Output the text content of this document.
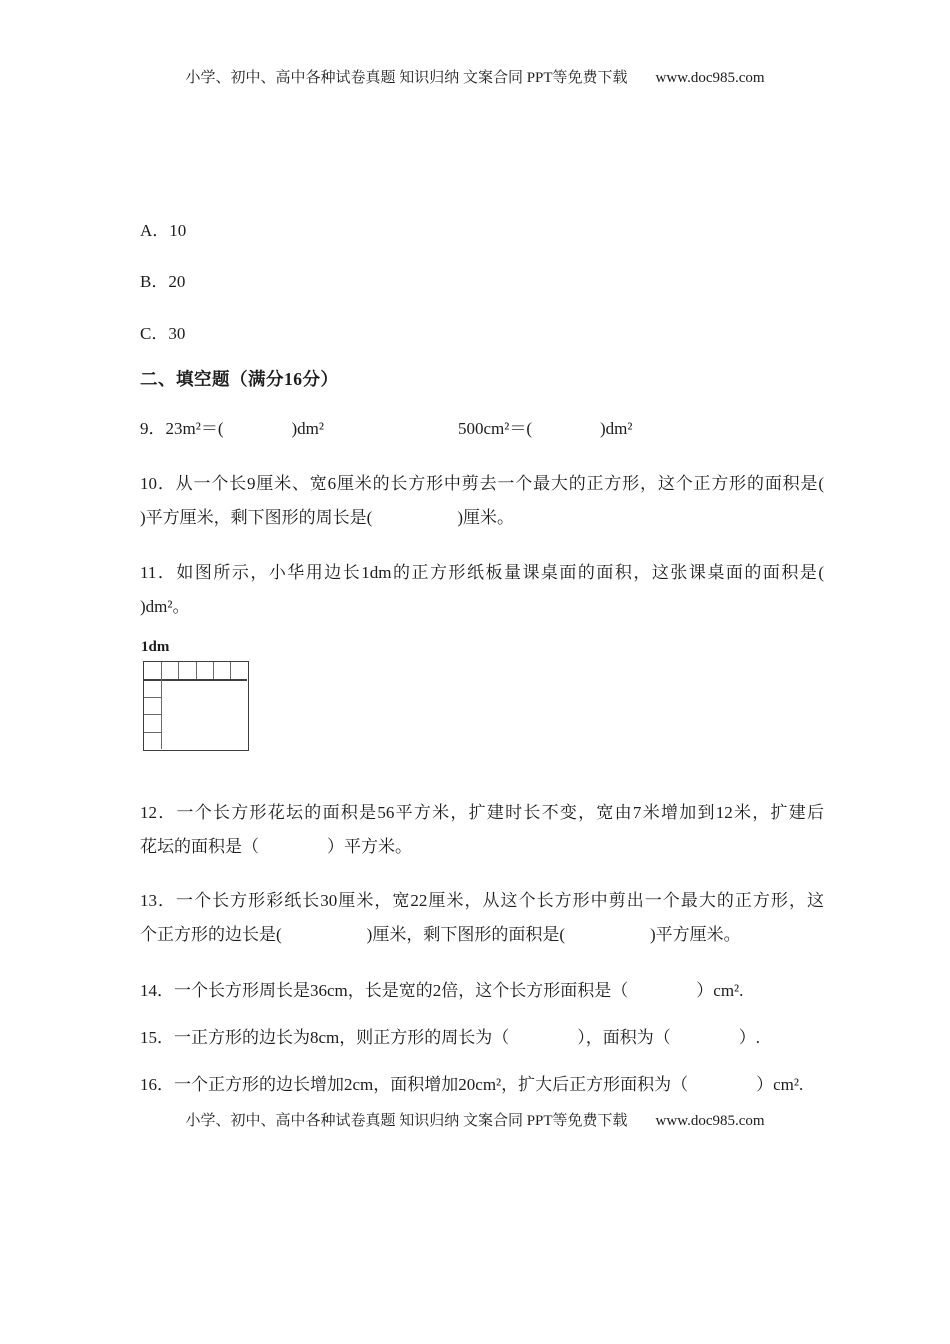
小学、初中、高中各种试卷真题 知识归纳 文案合同 PPT等免费下载 www.doc985.com
A．10
B．20
C．30
二、填空题（满分16分）
9．23m²＝(　　　　)dm²	500cm²＝(　　　　)dm²
10．从一个长9厘米、宽6厘米的长方形中剪去一个最大的正方形，这个正方形的面积是(
)平方厘米，剩下图形的周长是(　　　　　)厘米。
11．如图所示，小华用边长1dm的正方形纸板量课桌面的面积，这张课桌面的面积是(
)dm²。
1dm
12．一个长方形花坛的面积是56平方米，扩建时长不变，宽由7米增加到12米，扩建后
花坛的面积是（　　　　）平方米。
13．一个长方形彩纸长30厘米，宽22厘米，从这个长方形中剪出一个最大的正方形，这
个正方形的边长是(　　　　　)厘米，剩下图形的面积是(　　　　　)平方厘米。
14．一个长方形周长是36cm，长是宽的2倍，这个长方形面积是（　　　　）cm².
15．一正方形的边长为8cm，则正方形的周长为（　　　　），面积为（　　　　）.
16．一个正方形的边长增加2cm，面积增加20cm²，扩大后正方形面积为（　　　　）cm².
小学、初中、高中各种试卷真题 知识归纳 文案合同 PPT等免费下载 www.doc985.com
